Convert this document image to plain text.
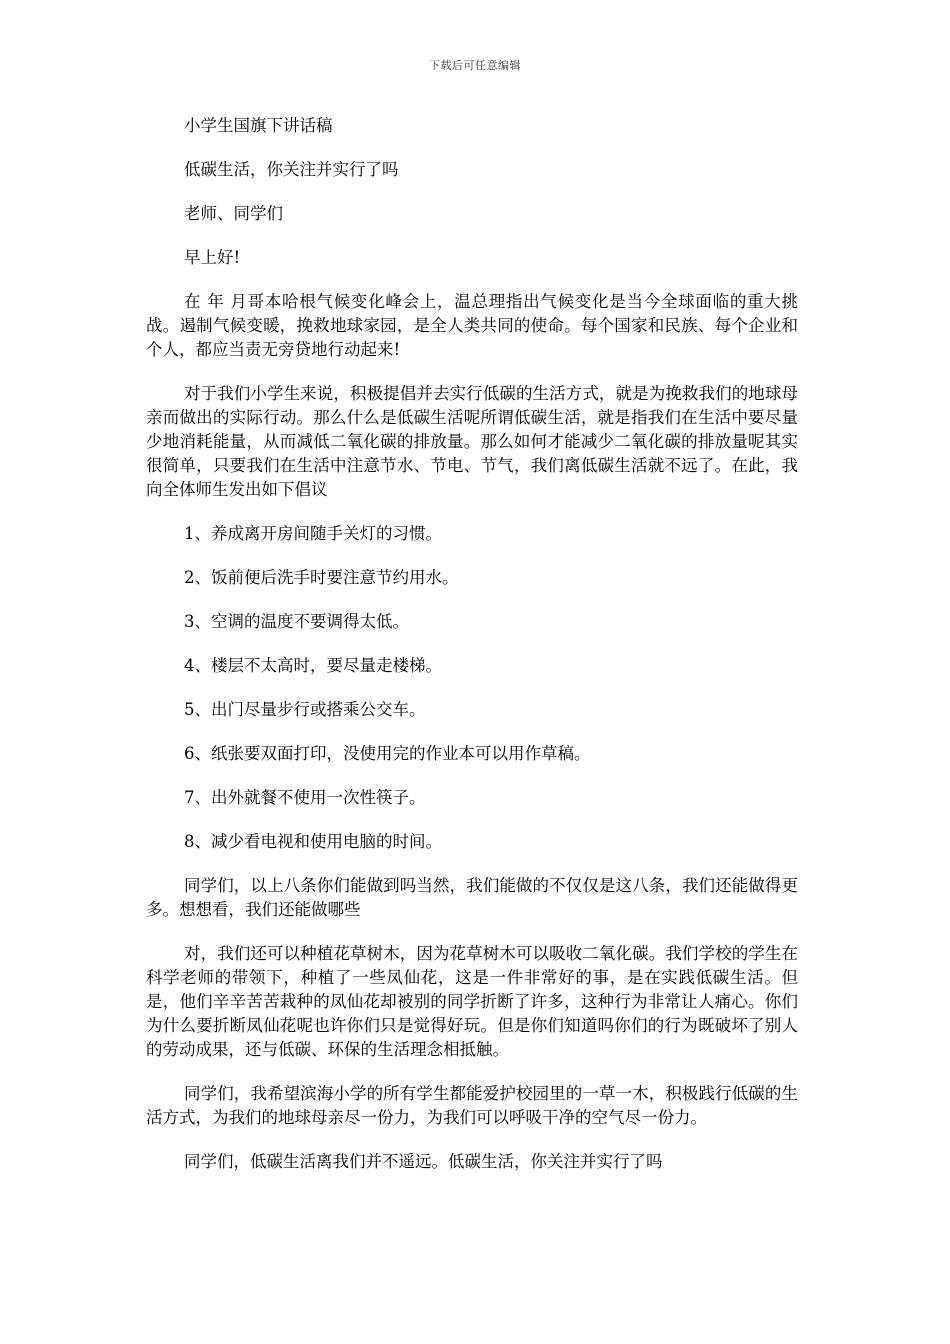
下载后可任意编辑

小学生国旗下讲话稿

低碳生活，你关注并实行了吗

老师、同学们

早上好!

在 年 月哥本哈根气候变化峰会上，温总理指出气候变化是当今全球面临的重大挑战。遏制气候变暖，挽救地球家园，是全人类共同的使命。每个国家和民族、每个企业和个人，都应当责无旁贷地行动起来!

对于我们小学生来说，积极提倡并去实行低碳的生活方式，就是为挽救我们的地球母亲而做出的实际行动。那么什么是低碳生活呢所谓低碳生活，就是指我们在生活中要尽量少地消耗能量，从而减低二氧化碳的排放量。那么如何才能减少二氧化碳的排放量呢其实很简单，只要我们在生活中注意节水、节电、节气，我们离低碳生活就不远了。在此，我向全体师生发出如下倡议

1、养成离开房间随手关灯的习惯。

2、饭前便后洗手时要注意节约用水。

3、空调的温度不要调得太低。

4、楼层不太高时，要尽量走楼梯。

5、出门尽量步行或搭乘公交车。

6、纸张要双面打印，没使用完的作业本可以用作草稿。

7、出外就餐不使用一次性筷子。

8、减少看电视和使用电脑的时间。

同学们，以上八条你们能做到吗当然，我们能做的不仅仅是这八条，我们还能做得更多。想想看，我们还能做哪些

对，我们还可以种植花草树木，因为花草树木可以吸收二氧化碳。我们学校的学生在科学老师的带领下，种植了一些凤仙花，这是一件非常好的事，是在实践低碳生活。但是，他们辛辛苦苦栽种的凤仙花却被别的同学折断了许多，这种行为非常让人痛心。你们为什么要折断凤仙花呢也许你们只是觉得好玩。但是你们知道吗你们的行为既破坏了别人的劳动成果，还与低碳、环保的生活理念相抵触。

同学们，我希望滨海小学的所有学生都能爱护校园里的一草一木，积极践行低碳的生活方式，为我们的地球母亲尽一份力，为我们可以呼吸干净的空气尽一份力。

同学们，低碳生活离我们并不遥远。低碳生活，你关注并实行了吗
